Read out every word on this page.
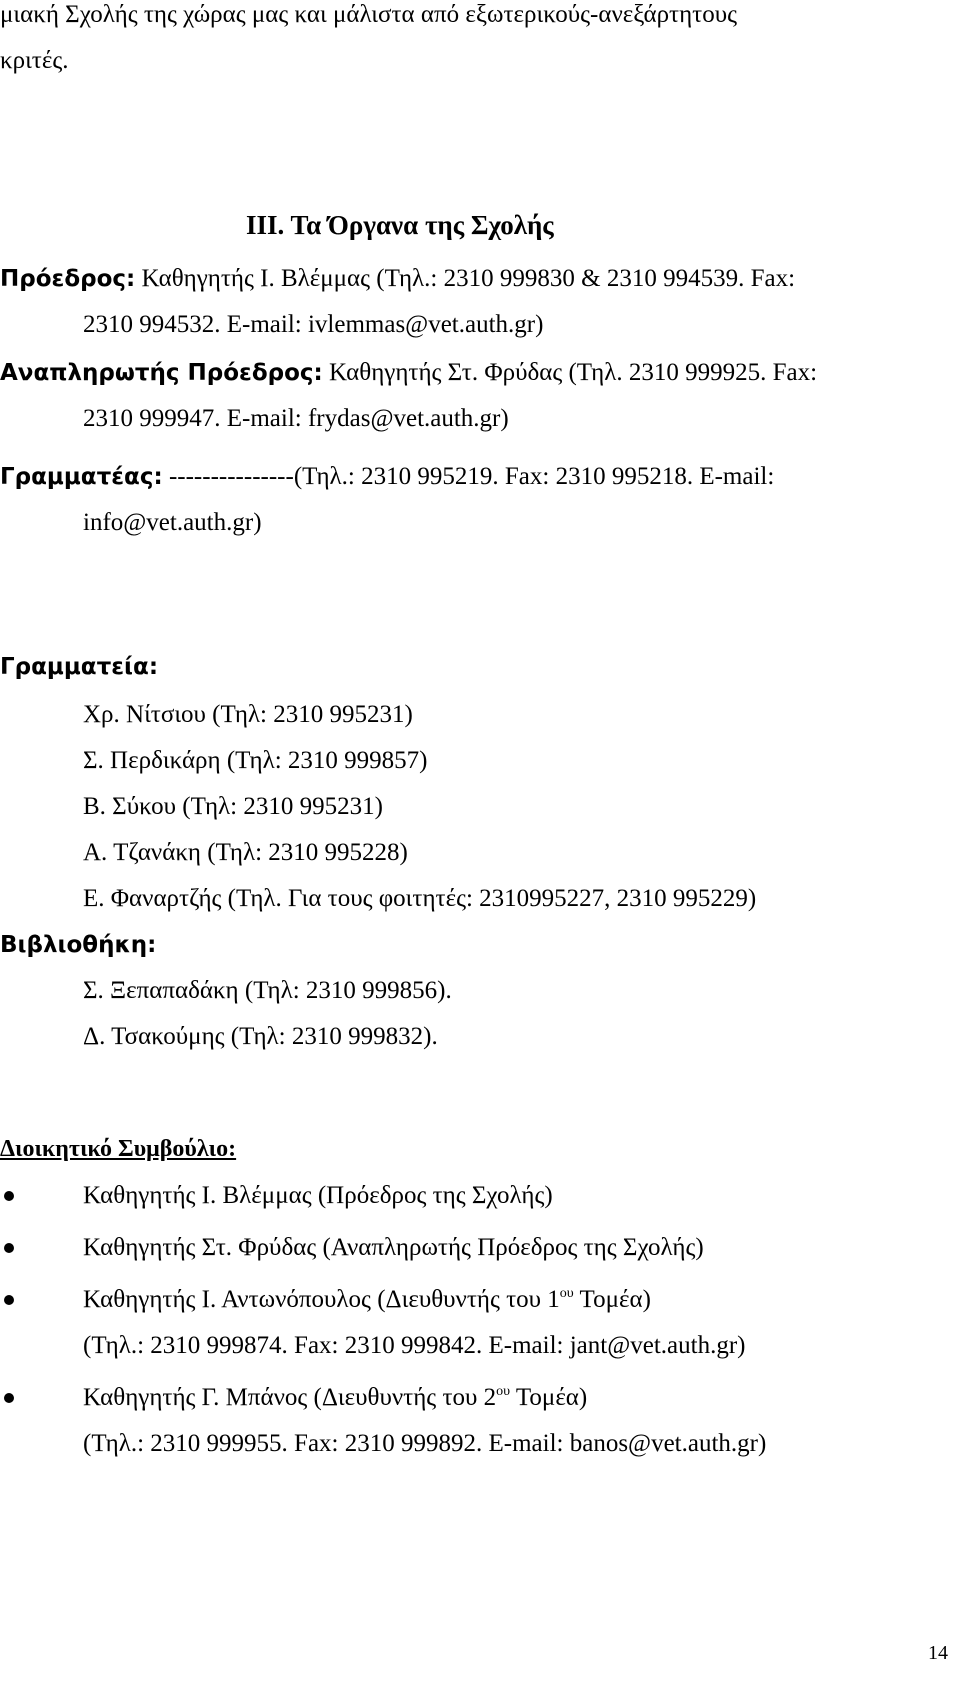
μιακή Σχολής της χώρας μας και μάλιστα από εξωτερικούς-ανεξάρτητους
κριτές.
ΙΙΙ. Τα Όργανα της Σχολής
Πρόεδρος: Καθηγητής Ι. Βλέμμας (Τηλ.: 2310 999830 & 2310 994539. Fax:
2310 994532. E-mail: ivlemmas@vet.auth.gr)
Αναπληρωτής Πρόεδρος: Καθηγητής Στ. Φρύδας (Τηλ. 2310 999925. Fax:
2310 999947. E-mail: frydas@vet.auth.gr)
Γραμματέας: ---------------(Τηλ.: 2310 995219. Fax: 2310 995218. E-mail:
info@vet.auth.gr)
Γραμματεία:
Χρ. Νίτσιου (Τηλ: 2310 995231)
Σ. Περδικάρη (Τηλ: 2310 999857)
Β. Σύκου (Τηλ: 2310 995231)
Α. Τζανάκη (Τηλ: 2310 995228)
Ε. Φαναρτζής (Τηλ. Για τους φοιτητές: 2310995227, 2310 995229)
Βιβλιοθήκη:
Σ. Ξεπαπαδάκη (Τηλ: 2310 999856).
Δ. Τσακούμης (Τηλ: 2310 999832).
Διοικητικό Συμβούλιο:
Καθηγητής Ι. Βλέμμας (Πρόεδρος της Σχολής)
Καθηγητής Στ. Φρύδας (Αναπληρωτής Πρόεδρος της Σχολής)
Καθηγητής Ι. Αντωνόπουλος (Διευθυντής του $1^{o\upsilon}$ Τομέα)
(Τηλ.: 2310 999874. Fax: 2310 999842. E-mail: jant@vet.auth.gr)
Καθηγητής Γ. Μπάνος (Διευθυντής του $2^{o\upsilon}$ Τομέα)
(Τηλ.: 2310 999955. Fax: 2310 999892. E-mail: banos@vet.auth.gr)
14
